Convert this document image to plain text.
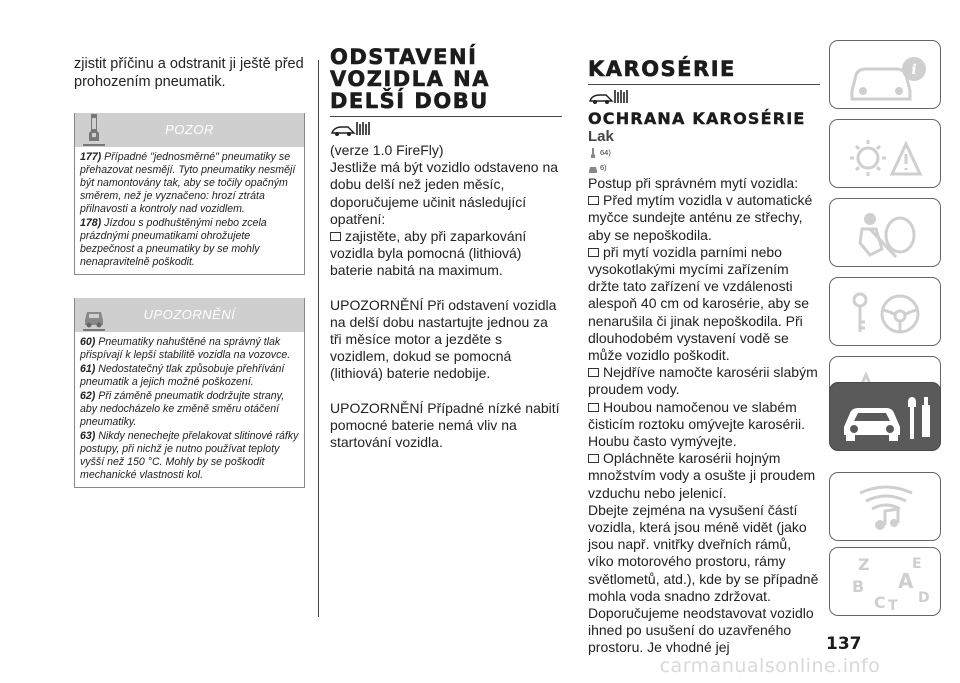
zjistit příčinu a odstranit ji ještě před prohozením pneumatik.

POZOR

177) Případné "jednosměrné" pneumatiky se přehazovat nesmějí. Tyto pneumatiky nesmějí být namontovány tak, aby se točily opačným směrem, než je vyznačeno: hrozí ztráta přilnavosti a kontroly nad vozidlem.

178) Jízdou s podhuštěnými nebo zcela prázdnými pneumatikami ohrožujete bezpečnost a pneumatiky by se mohly nenapravitelně poškodit.

UPOZORNĚNÍ

60) Pneumatiky nahuštěné na správný tlak přispívají k lepší stabilitě vozidla na vozovce.

61) Nedostatečný tlak způsobuje přehřívání pneumatik a jejich možné poškození.

62) Při záměně pneumatik dodržujte strany, aby nedocházelo ke změně směru otáčení pneumatiky.

63) Nikdy nenechejte přelakovat slitinové ráfky postupy, při nichž je nutno používat teploty vyšší než 150 °C. Mohly by se poškodit mechanické vlastnosti kol.

ODSTAVENÍ VOZIDLA NA DELŠÍ DOBU

(verze 1.0 FireFly)

Jestliže má být vozidlo odstaveno na dobu delší než jeden měsíc, doporučujeme učinit následující opatření:

zajistěte, aby při zaparkování vozidla byla pomocná (lithiová) baterie nabitá na maximum.

UPOZORNĚNÍ Při odstavení vozidla na delší dobu nastartujte jednou za tři měsíce motor a jezděte s vozidlem, dokud se pomocná (lithiová) baterie nedobije.

UPOZORNĚNÍ Případné nízké nabití pomocné baterie nemá vliv na startování vozidla.

KAROSÉRIE
OCHRANA KAROSÉRIE
Lak
64)
6)

Postup při správném mytí vozidla:

Před mytím vozidla v automatické myčce sundejte anténu ze střechy, aby se nepoškodila.

při mytí vozidla parními nebo vysokotlakými mycími zařízením držte tato zařízení ve vzdálenosti alespoň 40 cm od karosérie, aby se nenarušila či jinak nepoškodila. Při dlouhodobém vystavení vodě se může vozidlo poškodit.

Nejdříve namočte karosérii slabým proudem vody.

Houbou namočenou ve slabém čisticím roztoku omývejte karosérii. Houbu často vymývejte.

Opláchněte karosérii hojným množstvím vody a osušte ji proudem vzduchu nebo jelenicí.

Dbejte zejména na vysušení částí vozidla, která jsou méně vidět (jako jsou např. vnitřky dveřních rámů, víko motorového prostoru, rámy světlometů, atd.), kde by se případně mohla voda snadno zdržovat. Doporučujeme neodstavovat vozidlo ihned po usušení do uzavřeného prostoru. Je vhodné jej

i
Z	E
B A
C T D
137
carmanualsonline.info
